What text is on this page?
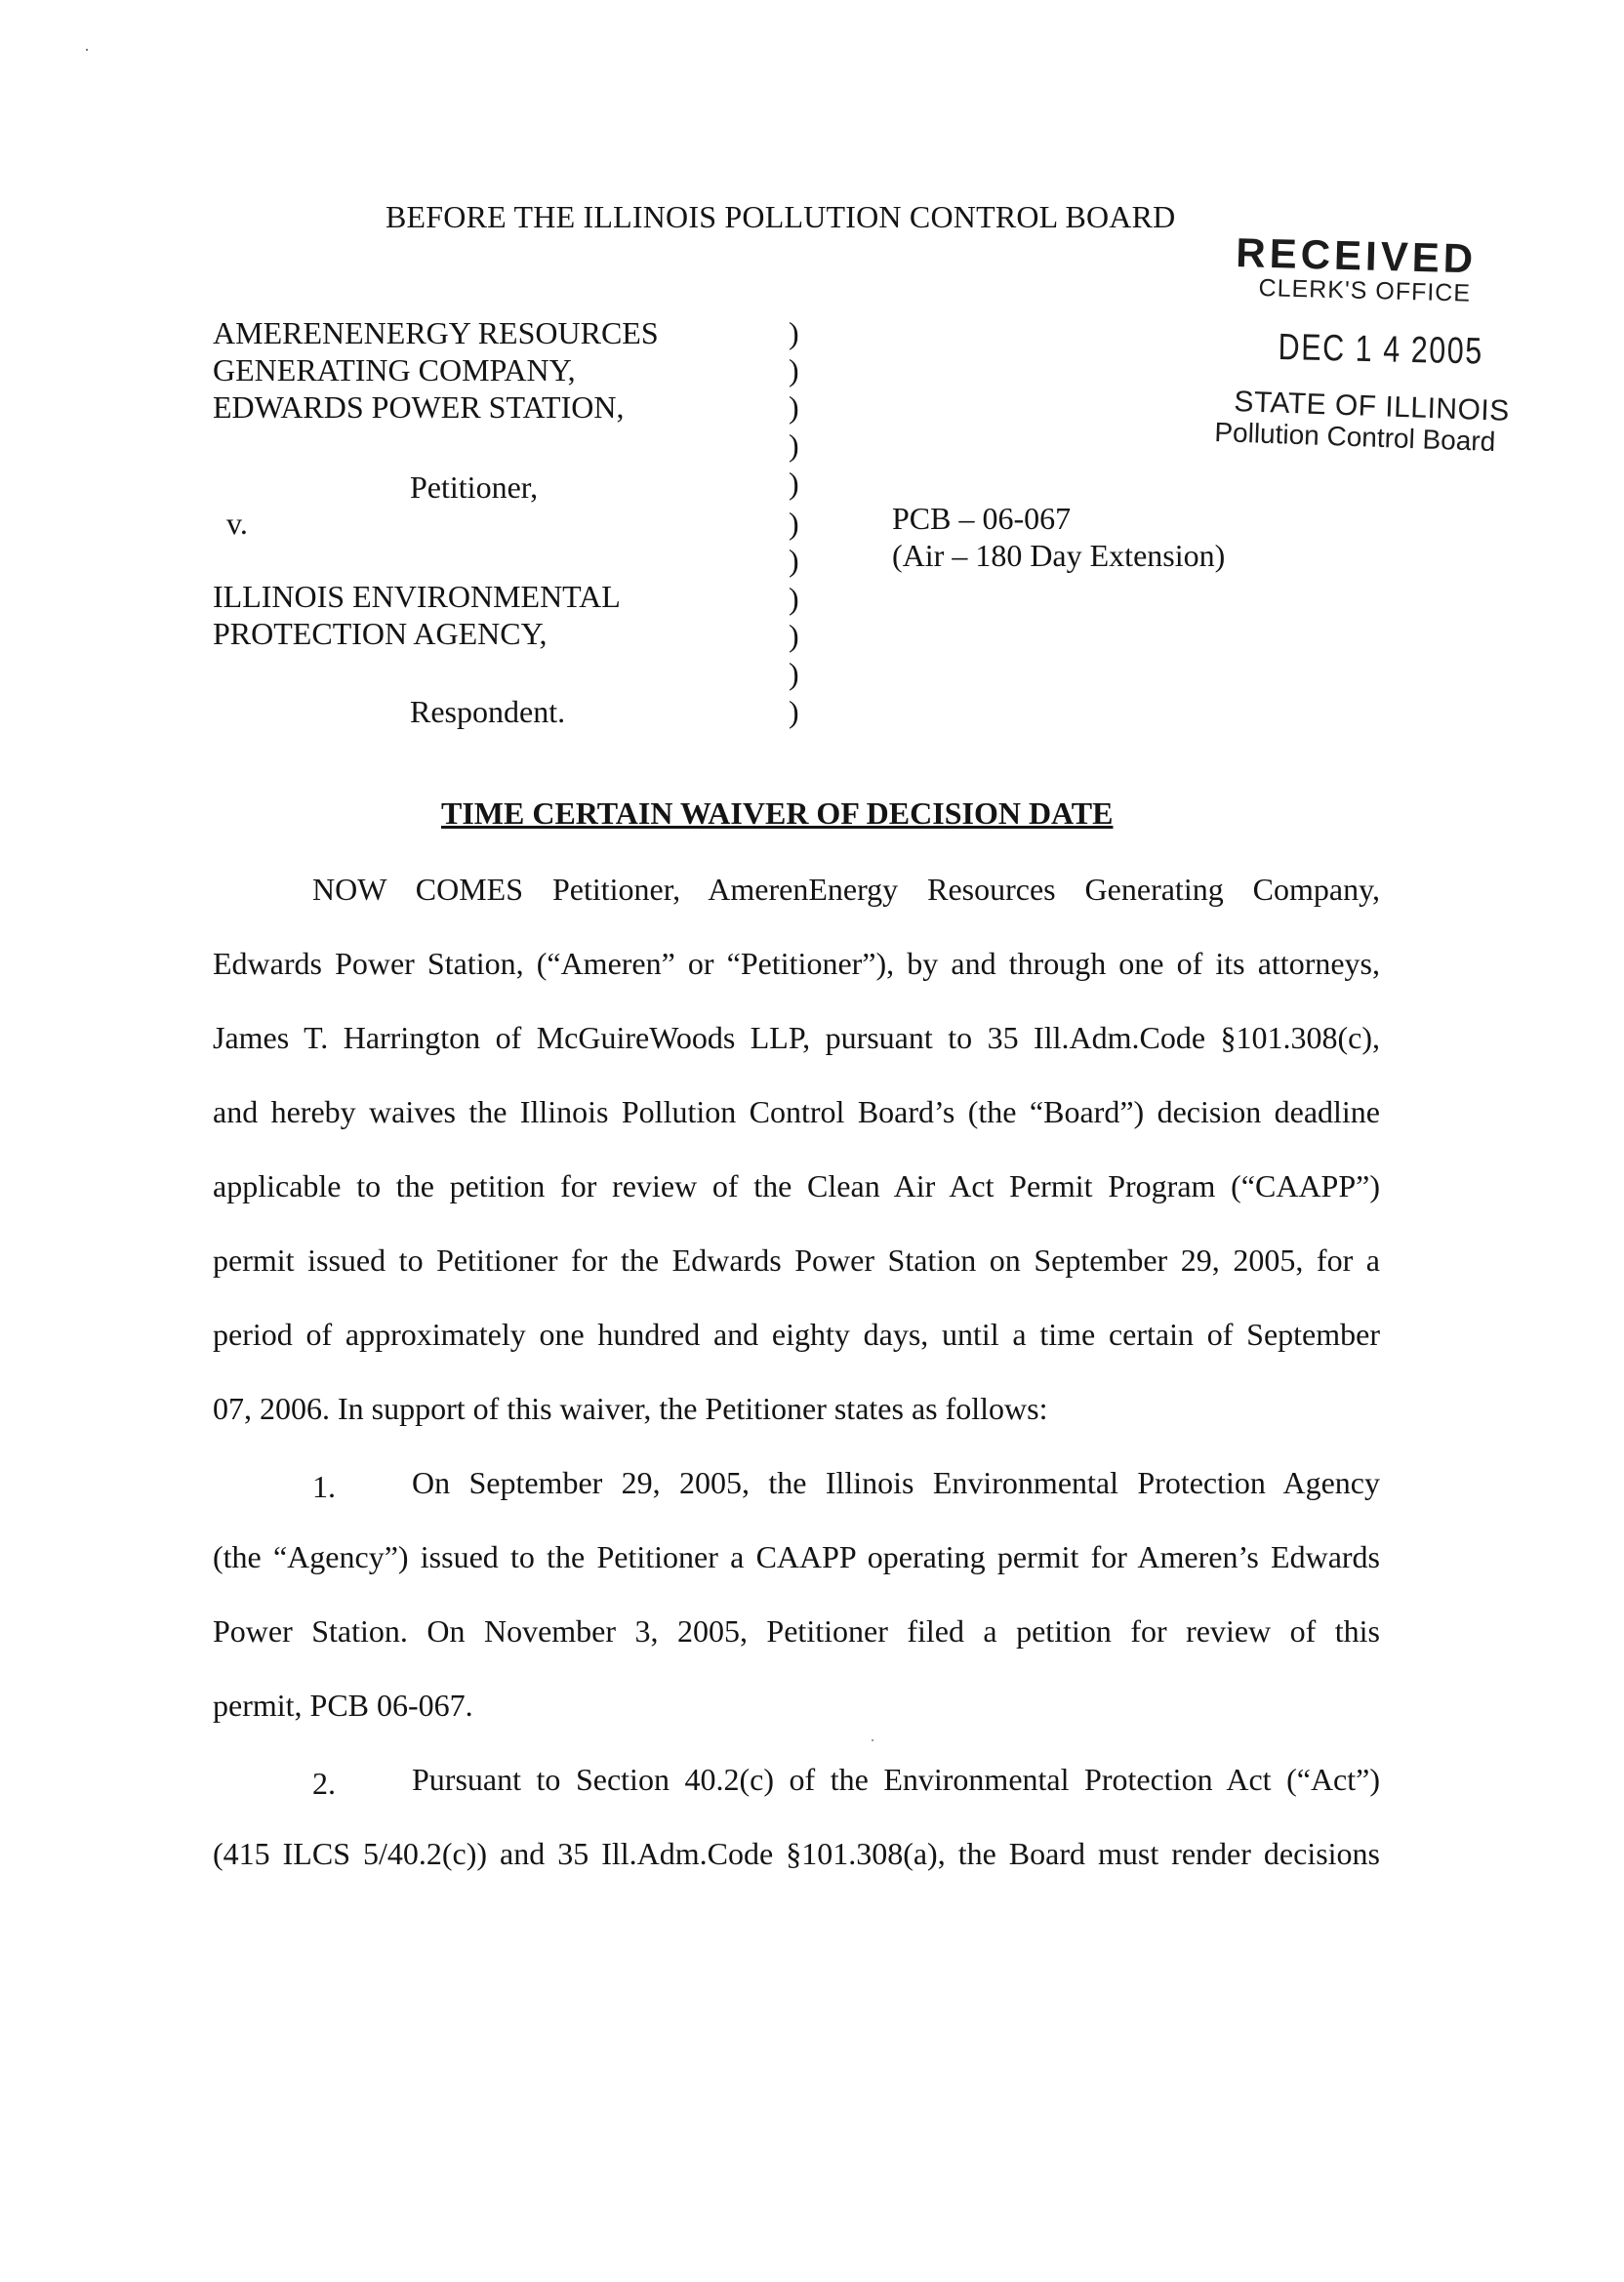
BEFORE THE ILLINOIS POLLUTION CONTROL BOARD
RECEIVED
CLERK'S OFFICE
DEC 1 4 2005
STATE OF ILLINOIS
Pollution Control Board
AMERENENERGY RESOURCES
GENERATING COMPANY,
EDWARDS POWER STATION,
Petitioner,
v.
ILLINOIS ENVIRONMENTAL
PROTECTION AGENCY,
Respondent.
)
)
)
)
)
)
)
)
)
)
)
PCB – 06-067
(Air – 180 Day Extension)
TIME CERTAIN WAIVER OF DECISION DATE
NOW COMES Petitioner, AmerenEnergy Resources Generating Company,
Edwards Power Station, (“Ameren” or “Petitioner”), by and through one of its attorneys,
James T. Harrington of McGuireWoods LLP, pursuant to 35 Ill.Adm.Code §101.308(c),
and hereby waives the Illinois Pollution Control Board’s (the “Board”) decision deadline
applicable to the petition for review of the Clean Air Act Permit Program (“CAAPP”)
permit issued to Petitioner for the Edwards Power Station on September 29, 2005, for a
period of approximately one hundred and eighty days, until a time certain of September
07, 2006. In support of this waiver, the Petitioner states as follows:
1. On September 29, 2005, the Illinois Environmental Protection Agency
(the “Agency”) issued to the Petitioner a CAAPP operating permit for Ameren’s Edwards
Power Station. On November 3, 2005, Petitioner filed a petition for review of this
permit, PCB 06-067.
2. Pursuant to Section 40.2(c) of the Environmental Protection Act (“Act”)
(415 ILCS 5/40.2(c)) and 35 Ill.Adm.Code §101.308(a), the Board must render decisions
